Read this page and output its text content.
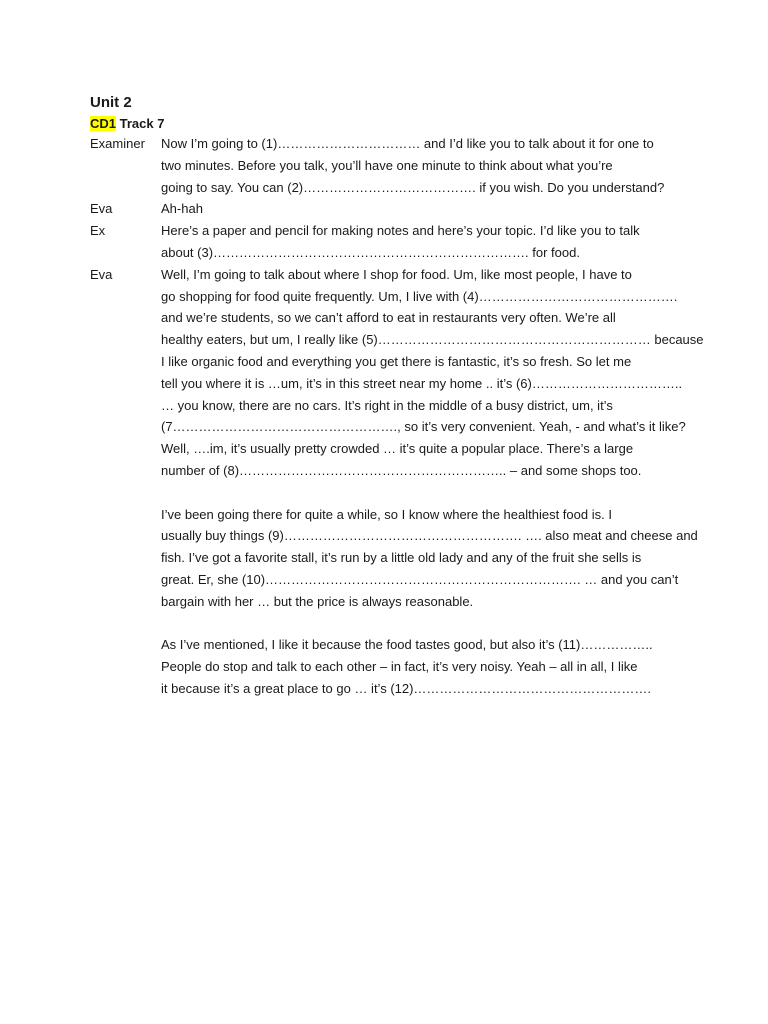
Unit 2
CD1 Track 7
Examiner	Now I’m going to (1)…………………………… and I’d like you to talk about it for one to
two minutes. Before you talk, you’ll have one minute to think about what you’re
going to say. You can (2)…………………………………. if you wish. Do you understand?
Eva	Ah-hah
Ex	Here’s a paper and pencil for making notes and here’s your topic. I’d like you to talk
about (3)………………………………………………………………. for food.
Eva	Well, I’m going to talk about where I shop for food. Um, like most people, I have to
go shopping for food quite frequently. Um, I live with (4)……………………………………….
and we’re students, so we can’t afford to eat in restaurants very often. We’re all
healthy eaters, but um, I really like (5)……………………………………………………… because
I like organic food and everything you get there is fantastic, it’s so fresh. So let me
tell you where it is …um, it’s in this street near my home .. it’s (6)……………………………..
… you know, there are no cars. It’s right in the middle of a busy district, um, it’s
(7……………………………………………., so it’s very convenient. Yeah, - and what’s it like?
Well, ….im, it’s usually pretty crowded … it’s quite a popular place. There’s a large
number of (8)…………………………………………………….. – and some shops too.
I’ve been going there for quite a while, so I know where the healthiest food is. I
usually buy things (9)………………………………………………. …. also meat and cheese and
fish. I’ve got a favorite stall, it’s run by a little old lady and any of the fruit she sells is
great. Er, she (10)………………………………………………………………. … and you can’t
bargain with her … but the price is always reasonable.
As I’ve mentioned, I like it because the food tastes good, but also it’s (11)……………..
People do stop and talk to each other – in fact, it’s very noisy. Yeah – all in all, I like
it because it’s a great place to go … it’s (12)……………………………………………….
